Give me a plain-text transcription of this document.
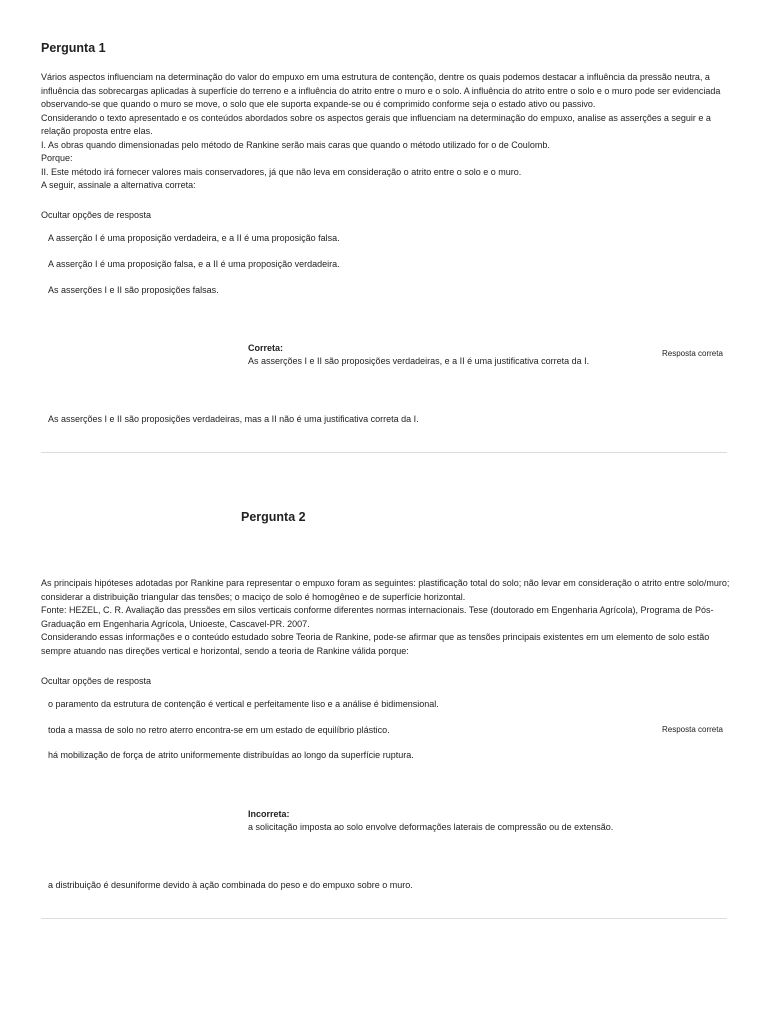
Pergunta 1

Vários aspectos influenciam na determinação do valor do empuxo em uma estrutura de contenção, dentre os quais podemos destacar a influência da pressão neutra, a influência das sobrecargas aplicadas à superfície do terreno e a influência do atrito entre o muro e o solo. A influência do atrito entre o solo e o muro pode ser evidenciada observando-se que quando o muro se move, o solo que ele suporta expande-se ou é comprimido conforme seja o estado ativo ou passivo.

Considerando o texto apresentado e os conteúdos abordados sobre os aspectos gerais que influenciam na determinação do empuxo, analise as asserções a seguir e a relação proposta entre elas.

I. As obras quando dimensionadas pelo método de Rankine serão mais caras que quando o método utilizado for o de Coulomb.

Porque:

II. Este método irá fornecer valores mais conservadores, já que não leva em consideração o atrito entre o solo e o muro.

A seguir, assinale a alternativa correta:

Ocultar opções de resposta
A asserção I é uma proposição verdadeira, e a II é uma proposição falsa.
A asserção I é uma proposição falsa, e a II é uma proposição verdadeira.
As asserções I e II são proposições falsas.
Correta:
As asserções I e II são proposições verdadeiras, e a II é uma justificativa correta da I.
Resposta correta
As asserções I e II são proposições verdadeiras, mas a II não é uma justificativa correta da I.
Pergunta 2

As principais hipóteses adotadas por Rankine para representar o empuxo foram as seguintes: plastificação total do solo; não levar em consideração o atrito entre solo/muro; considerar a distribuição triangular das tensões; o maciço de solo é homogêneo e de superfície horizontal.

Fonte: HEZEL, C. R. Avaliação das pressões em silos verticais conforme diferentes normas internacionais. Tese (doutorado em Engenharia Agrícola), Programa de Pós-Graduação em Engenharia Agrícola, Unioeste, Cascavel-PR. 2007.

Considerando essas informações e o conteúdo estudado sobre Teoria de Rankine, pode-se afirmar que as tensões principais existentes em um elemento de solo estão sempre atuando nas direções vertical e horizontal, sendo a teoria de Rankine válida porque:

Ocultar opções de resposta
o paramento da estrutura de contenção é vertical e perfeitamente liso e a análise é bidimensional.
toda a massa de solo no retro aterro encontra-se em um estado de equilíbrio plástico.	Resposta correta
há mobilização de força de atrito uniformemente distribuídas ao longo da superfície ruptura.
Incorreta:
a solicitação imposta ao solo envolve deformações laterais de compressão ou de extensão.
a distribuição é desuniforme devido à ação combinada do peso e do empuxo sobre o muro.
